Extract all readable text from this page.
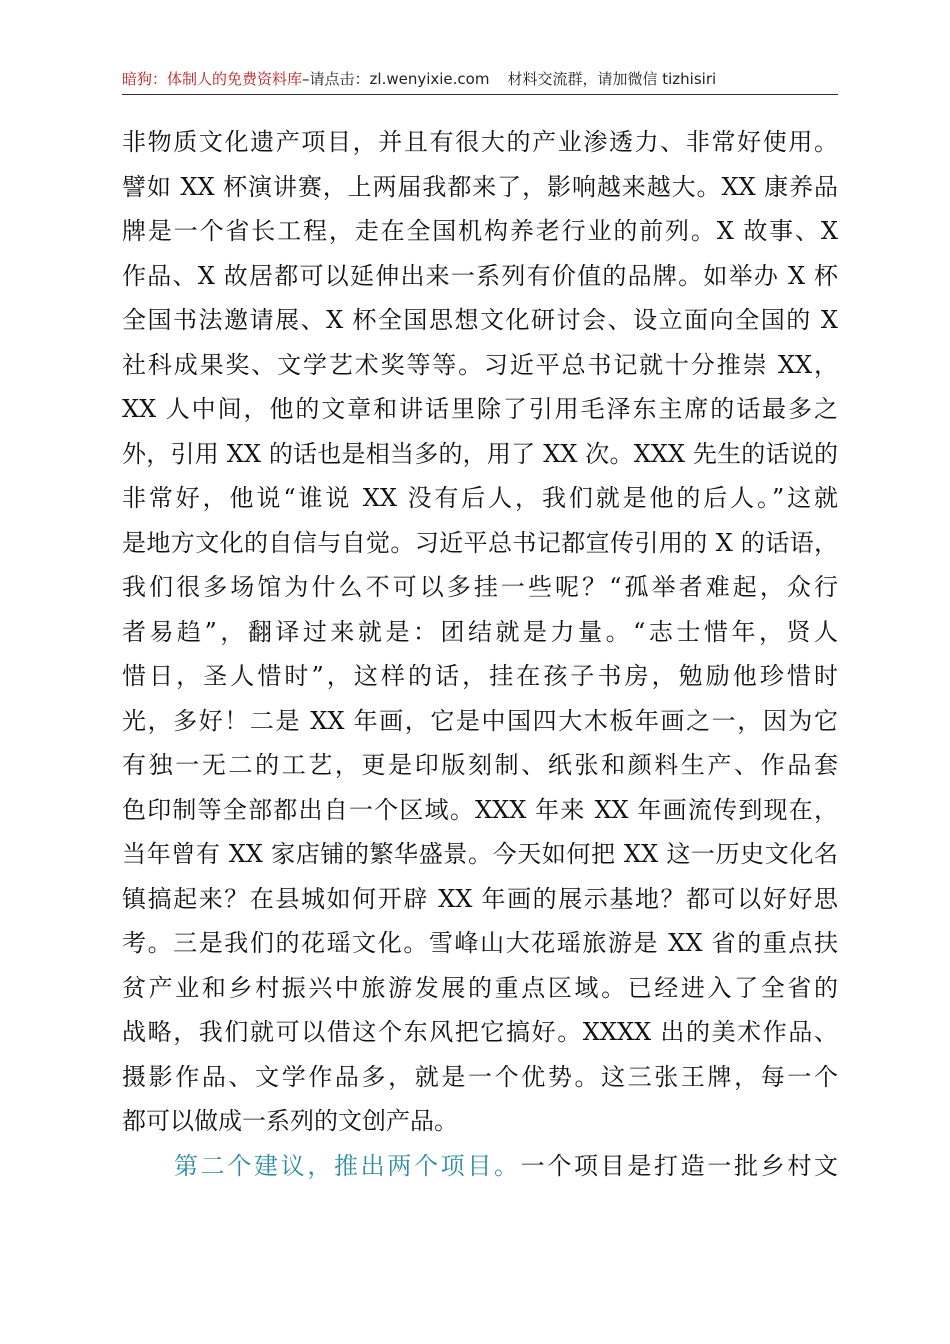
暗狗：体制人的免费资料库–请点击：zl.wenyixie.com 材料交流群，请加微信 tizhisiri
非物质文化遗产项目，并且有很大的产业渗透力、非常好使用。
譬如 XX 杯演讲赛，上两届我都来了，影响越来越大。XX 康养品
牌是一个省长工程，走在全国机构养老行业的前列。X 故事、X
作品、X 故居都可以延伸出来一系列有价值的品牌。如举办 X 杯
全国书法邀请展、X 杯全国思想文化研讨会、设立面向全国的 X
社科成果奖、文学艺术奖等等。习近平总书记就十分推崇 XX，
XX 人中间，他的文章和讲话里除了引用毛泽东主席的话最多之
外，引用 XX 的话也是相当多的，用了 XX 次。XXX 先生的话说的
非常好，他说“谁说 XX 没有后人，我们就是他的后人。”这就
是地方文化的自信与自觉。习近平总书记都宣传引用的 X 的话语，
我们很多场馆为什么不可以多挂一些呢？“孤举者难起，众行
者易趋”，翻译过来就是：团结就是力量。“志士惜年，贤人
惜日，圣人惜时”，这样的话，挂在孩子书房，勉励他珍惜时
光，多好！二是 XX 年画，它是中国四大木板年画之一，因为它
有独一无二的工艺，更是印版刻制、纸张和颜料生产、作品套
色印制等全部都出自一个区域。XXX 年来 XX 年画流传到现在，
当年曾有 XX 家店铺的繁华盛景。今天如何把 XX 这一历史文化名
镇搞起来？在县城如何开辟 XX 年画的展示基地？都可以好好思
考。三是我们的花瑶文化。雪峰山大花瑶旅游是 XX 省的重点扶
贫产业和乡村振兴中旅游发展的重点区域。已经进入了全省的
战略，我们就可以借这个东风把它搞好。XXXX 出的美术作品、
摄影作品、文学作品多，就是一个优势。这三张王牌，每一个
都可以做成一系列的文创产品。
第二个建议，推出两个项目。一个项目是打造一批乡村文
